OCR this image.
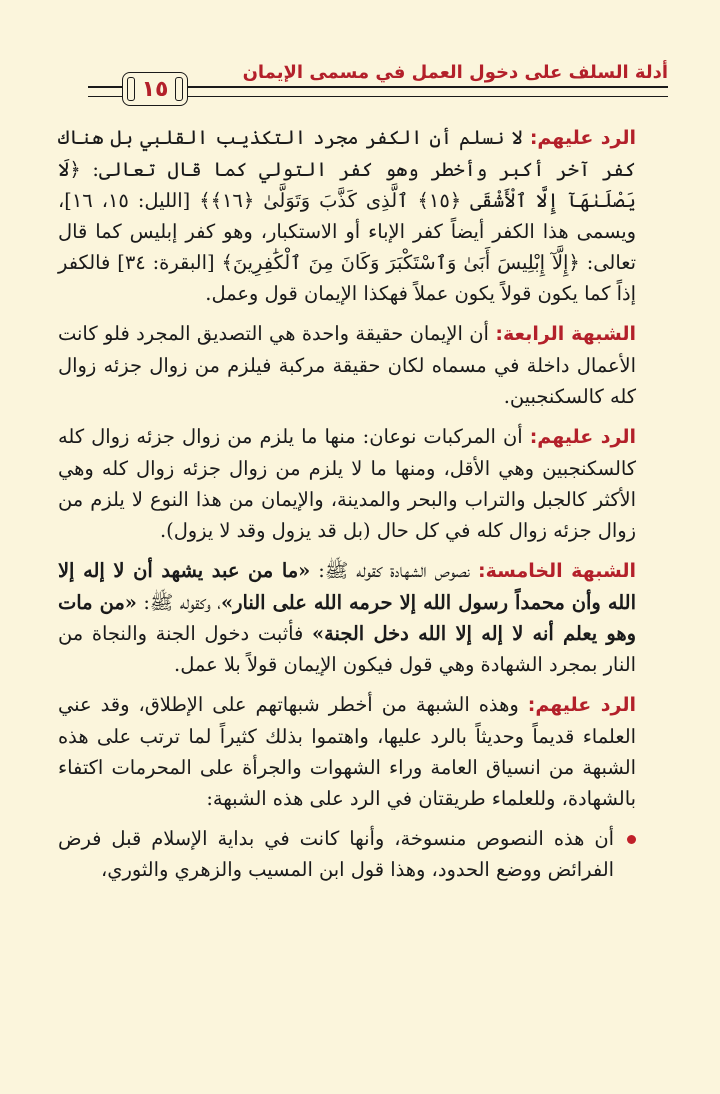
أدلة السلف على دخول العمل في مسمى الإيمان
١٥

الرد عليهم: لا نسلم أن الكفر مجرد التكذيب القلبي بل هناك كفر آخر أكبر وأخطر وهو كفر التولي كما قال تعالى: ﴿لَا يَصْلَىٰهَآ إِلَّا ٱلْأَشْقَى ﴿١٥﴾ ٱلَّذِى كَذَّبَ وَتَوَلَّىٰ ﴿١٦﴾﴾ [الليل: ١٥، ١٦]، ويسمى هذا الكفر أيضاً كفر الإباء أو الاستكبار، وهو كفر إبليس كما قال تعالى: ﴿إِلَّآ إِبْلِيسَ أَبَىٰ وَٱسْتَكْبَرَ وَكَانَ مِنَ ٱلْكَٰفِرِينَ﴾ [البقرة: ٣٤] فالكفر إذاً كما يكون قولاً يكون عملاً فهكذا الإيمان قول وعمل.

الشبهة الرابعة: أن الإيمان حقيقة واحدة هي التصديق المجرد فلو كانت الأعمال داخلة في مسماه لكان حقيقة مركبة فيلزم من زوال جزئه زوال كله كالسكنجبين.

الرد عليهم: أن المركبات نوعان: منها ما يلزم من زوال جزئه زوال كله كالسكنجبين وهي الأقل، ومنها ما لا يلزم من زوال جزئه زوال كله وهي الأكثر كالجبل والتراب والبحر والمدينة، والإيمان من هذا النوع لا يلزم من زوال جزئه زوال كله في كل حال (بل قد يزول وقد لا يزول).

الشبهة الخامسة: نصوص الشهادة كقوله ﷺ: «ما من عبد يشهد أن لا إله إلا الله وأن محمداً رسول الله إلا حرمه الله على النار»، وكقوله ﷺ: «من مات وهو يعلم أنه لا إله إلا الله دخل الجنة» فأثبت دخول الجنة والنجاة من النار بمجرد الشهادة وهي قول فيكون الإيمان قولاً بلا عمل.

الرد عليهم: وهذه الشبهة من أخطر شبهاتهم على الإطلاق، وقد عني العلماء قديماً وحديثاً بالرد عليها، واهتموا بذلك كثيراً لما ترتب على هذه الشبهة من انسياق العامة وراء الشهوات والجرأة على المحرمات اكتفاء بالشهادة، وللعلماء طريقتان في الرد على هذه الشبهة:

أن هذه النصوص منسوخة، وأنها كانت في بداية الإسلام قبل فرض الفرائض ووضع الحدود، وهذا قول ابن المسيب والزهري والثوري،
